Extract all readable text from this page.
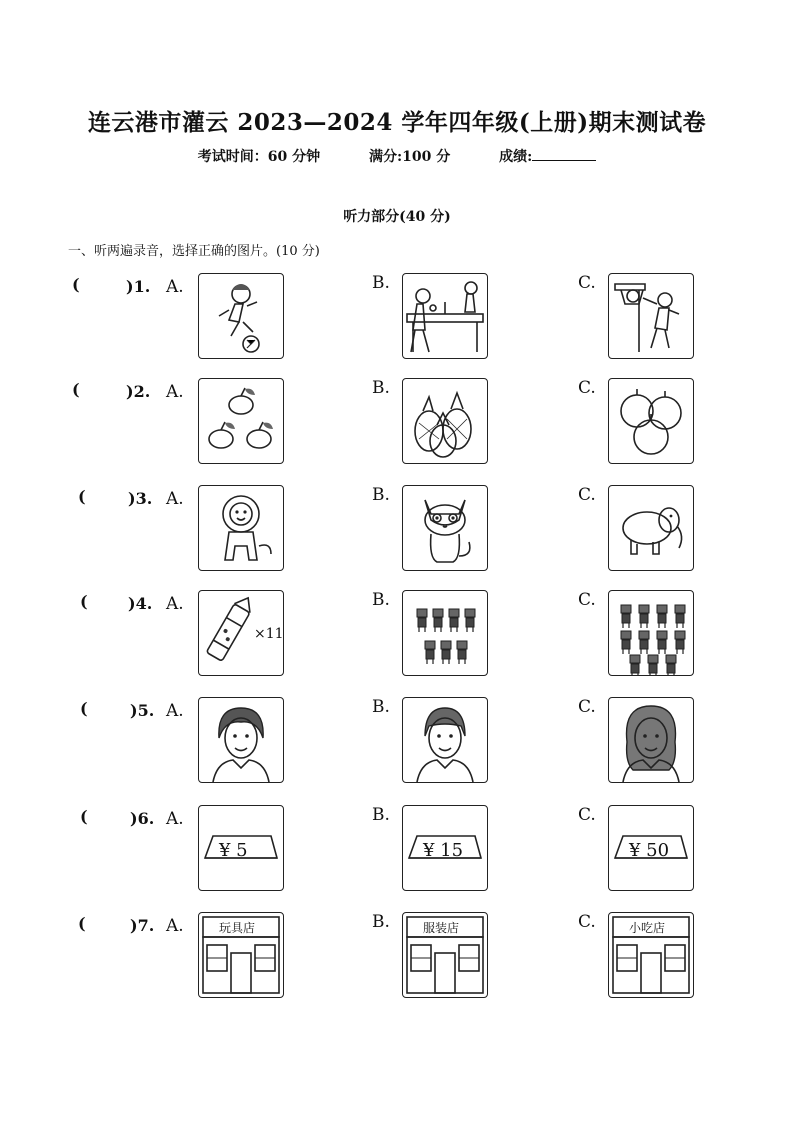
连云港市灌云 2023—2024 学年四年级(上册)期末测试卷
考试时间：60 分钟	满分:100 分	成绩:
听力部分(40 分)
一、听两遍录音，选择正确的图片。(10 分)
(	)1. A.	B.	C.
(	)2. A.	B.	C.
(	)3. A.	B.	C.
(	)4. A.
×11
B.	C.
(	)5. A.	B.	C.
(	)6. A.
¥ 5
B.
¥ 15
C.
¥ 50
(	)7. A.	玩具店	B.	服装店	C.	小吃店
